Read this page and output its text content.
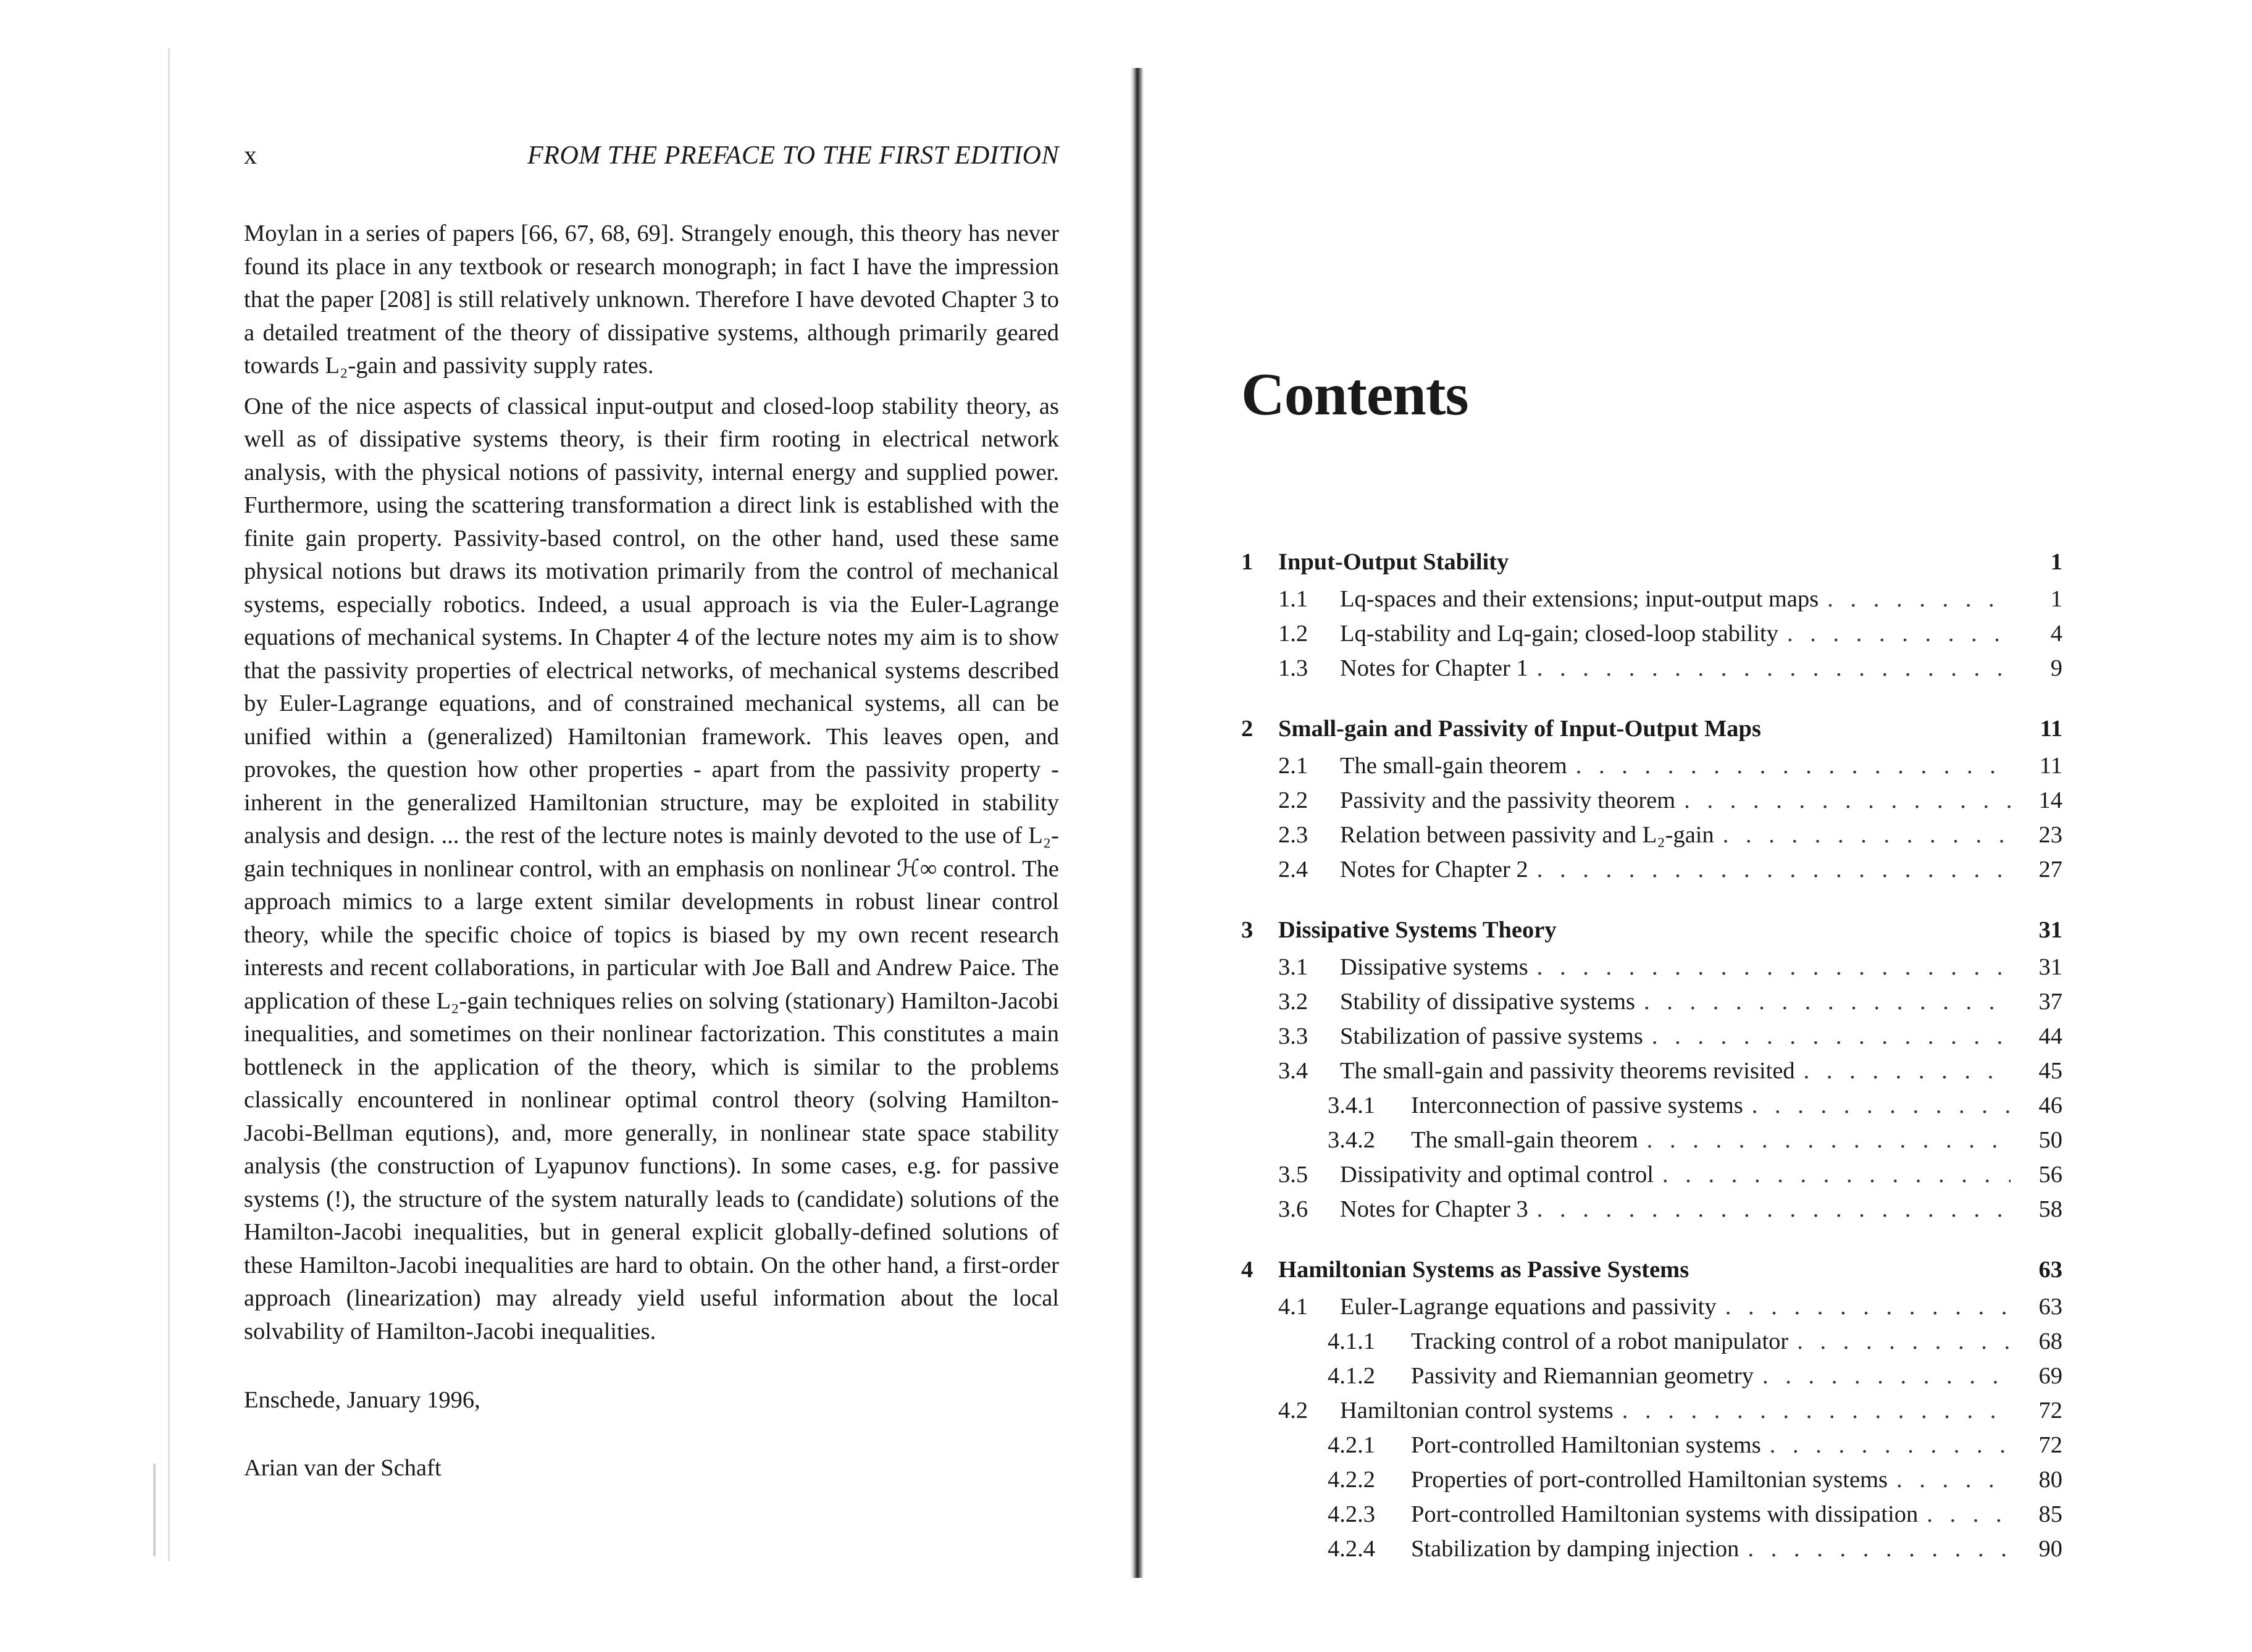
x	FROM THE PREFACE TO THE FIRST EDITION

Moylan in a series of papers [66, 67, 68, 69]. Strangely enough, this theory has never found its place in any textbook or research monograph; in fact I have the impression that the paper [208] is still relatively unknown. Therefore I have devoted Chapter 3 to a detailed treatment of the theory of dissipative systems, although primarily geared towards L₂-gain and passivity supply rates.

One of the nice aspects of classical input-output and closed-loop stability theory, as well as of dissipative systems theory, is their firm rooting in electrical network analysis, with the physical notions of passivity, internal energy and supplied power. Furthermore, using the scattering transformation a direct link is established with the finite gain property. Passivity-based control, on the other hand, used these same physical notions but draws its motivation primarily from the control of mechanical systems, especially robotics. Indeed, a usual approach is via the Euler-Lagrange equations of mechanical systems. In Chapter 4 of the lecture notes my aim is to show that the passivity properties of electrical networks, of mechanical systems described by Euler-Lagrange equations, and of constrained mechanical systems, all can be unified within a (generalized) Hamiltonian framework. This leaves open, and provokes, the question how other properties - apart from the passivity property - inherent in the generalized Hamiltonian structure, may be exploited in stability analysis and design. ... the rest of the lecture notes is mainly devoted to the use of L₂-gain techniques in nonlinear control, with an emphasis on nonlinear ℋ∞ control. The approach mimics to a large extent similar developments in robust linear control theory, while the specific choice of topics is biased by my own recent research interests and recent collaborations, in particular with Joe Ball and Andrew Paice. The application of these L₂-gain techniques relies on solving (stationary) Hamilton-Jacobi inequalities, and sometimes on their nonlinear factorization. This constitutes a main bottleneck in the application of the theory, which is similar to the problems classically encountered in nonlinear optimal control theory (solving Hamilton-Jacobi-Bellman equtions), and, more generally, in nonlinear state space stability analysis (the construction of Lyapunov functions). In some cases, e.g. for passive systems (!), the structure of the system naturally leads to (candidate) solutions of the Hamilton-Jacobi inequalities, but in general explicit globally-defined solutions of these Hamilton-Jacobi inequalities are hard to obtain. On the other hand, a first-order approach (linearization) may already yield useful information about the local solvability of Hamilton-Jacobi inequalities.

Enschede, January 1996,
Arian van der Schaft
Contents
1	Input-Output Stability	1
1.1	Lq-spaces and their extensions; input-output maps . . .	1
1.2	Lq-stability and Lq-gain; closed-loop stability . . .	4
1.3	Notes for Chapter 1 . . .	9
2	Small-gain and Passivity of Input-Output Maps	11
2.1	The small-gain theorem . . .	11
2.2	Passivity and the passivity theorem . . .	14
2.3	Relation between passivity and L₂-gain . . .	23
2.4	Notes for Chapter 2 . . .	27
3	Dissipative Systems Theory	31
3.1	Dissipative systems . . .	31
3.2	Stability of dissipative systems . . .	37
3.3	Stabilization of passive systems . . .	44
3.4	The small-gain and passivity theorems revisited . . .	45
3.4.1	Interconnection of passive systems . . .	46
3.4.2	The small-gain theorem . . .	50
3.5	Dissipativity and optimal control . . .	56
3.6	Notes for Chapter 3 . . .	58
4	Hamiltonian Systems as Passive Systems	63
4.1	Euler-Lagrange equations and passivity . . .	63
4.1.1	Tracking control of a robot manipulator . . .	68
4.1.2	Passivity and Riemannian geometry . . .	69
4.2	Hamiltonian control systems . . .	72
4.2.1	Port-controlled Hamiltonian systems . . .	72
4.2.2	Properties of port-controlled Hamiltonian systems . . .	80
4.2.3	Port-controlled Hamiltonian systems with dissipation . . .	85
4.2.4	Stabilization by damping injection . . .	90
